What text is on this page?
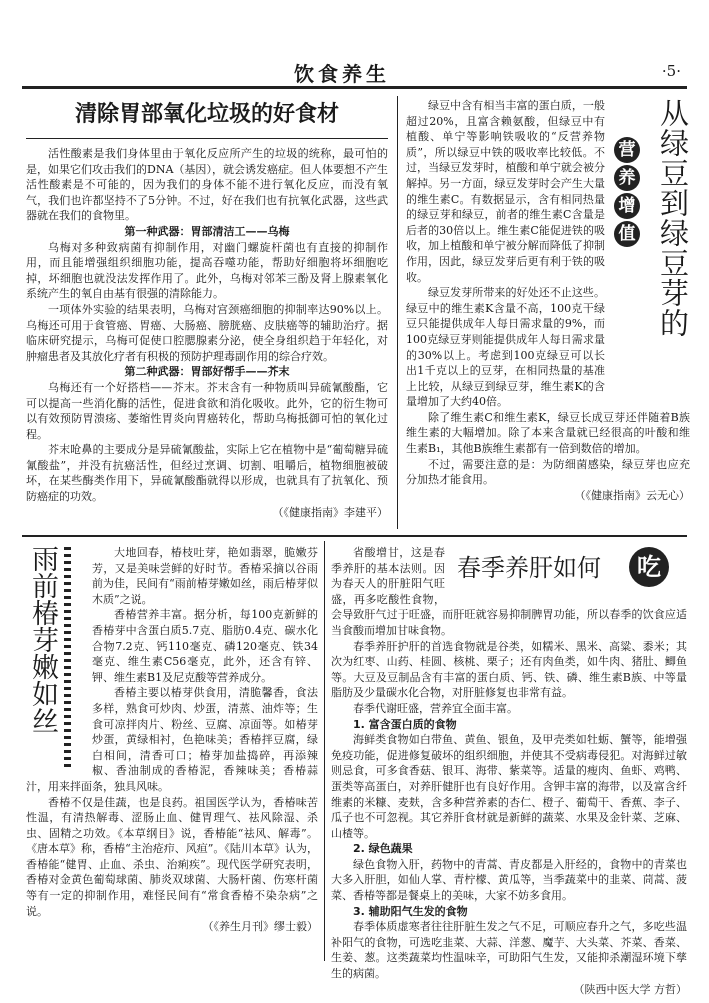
饮食养生	·5·
清除胃部氧化垃圾的好食材

活性酸素是我们身体里由于氧化反应所产生的垃圾的统称，最可怕的是，如果它们攻击我们的DNA（基因），就会诱发癌症。但人体要想不产生活性酸素是不可能的，因为我们的身体不能不进行氧化反应，而没有氧气，我们也许都坚持不了5分钟。不过，好在我们也有抗氧化武器，这些武器就在我们的食物里。

第一种武器：胃部清洁工——乌梅

乌梅对多种致病菌有抑制作用，对幽门螺旋杆菌也有直接的抑制作用，而且能增强组织细胞功能，提高吞噬功能，帮助好细胞将坏细胞吃掉，坏细胞也就没法发挥作用了。此外，乌梅对邻苯三酚及肾上腺素氧化系统产生的氧自由基有很强的清除能力。

一项体外实验的结果表明，乌梅对宫颈癌细胞的抑制率达90%以上。乌梅还可用于食管癌、胃癌、大肠癌、膀胱癌、皮肤癌等的辅助治疗。据临床研究提示，乌梅可促使口腔腮腺素分泌，使全身组织趋于年轻化，对肿瘤患者及其放化疗者有积极的预防护理毒副作用的综合疗效。

第二种武器：胃部好帮手——芥末

乌梅还有一个好搭档——芥末。芥末含有一种物质叫异硫氰酸酯，它可以提高一些消化酶的活性，促进食欲和消化吸收。此外，它的衍生物可以有效预防胃溃疡、萎缩性胃炎向胃癌转化，帮助乌梅抵御可怕的氧化过程。

芥末呛鼻的主要成分是异硫氰酸盐，实际上它在植物中是“葡萄糖异硫氰酸盐”，并没有抗癌活性，但经过烹调、切割、咀嚼后，植物细胞被破坏，在某些酶类作用下，异硫氰酸酯就得以形成，也就具有了抗氧化、预防癌症的功效。

（《健康指南》李建平）

从绿豆到绿豆芽的
营 养 增 值

绿豆中含有相当丰富的蛋白质，一般超过20%，且富含赖氨酸，但绿豆中有植酸、单宁等影响铁吸收的“反营养物质”，所以绿豆中铁的吸收率比较低。不过，当绿豆发芽时，植酸和单宁就会被分解掉。另一方面，绿豆发芽时会产生大量的维生素C。有数据显示，含有相同热量的绿豆芽和绿豆，前者的维生素C含量是后者的30倍以上。维生素C能促进铁的吸收，加上植酸和单宁被分解而降低了抑制作用，因此，绿豆发芽后更有利于铁的吸收。

绿豆发芽所带来的好处还不止这些。绿豆中的维生素K含量不高，100克干绿豆只能提供成年人每日需求量的9%，而100克绿豆芽则能提供成年人每日需求量的30%以上。考虑到100克绿豆可以长出1千克以上的豆芽，在相同热量的基准上比较，从绿豆到绿豆芽，维生素K的含量增加了大约40倍。

除了维生素C和维生素K，绿豆长成豆芽还伴随着B族维生素的大幅增加。除了本来含量就已经很高的叶酸和维生素B₁，其他B族维生素都有一倍到数倍的增加。

不过，需要注意的是：为防细菌感染，绿豆芽也应充分加热才能食用。

（《健康指南》云无心）

雨前椿芽嫩如丝	大地回春，椿枝吐芽，艳如翡翠，脆嫩芬芳，又是美味尝鲜的好时节。香椿采摘以谷雨前为佳，民间有“雨前椿芽嫩如丝，雨后椿芽似木质”之说。

香椿营养丰富。据分析，每100克新鲜的香椿芽中含蛋白质5.7克、脂肪0.4克、碳水化合物7.2克、钙110毫克、磷120毫克、铁34毫克、维生素C56毫克，此外，还含有锌、钾、维生素B1及尼克酸等营养成分。

香椿主要以椿芽供食用，清脆馨香，食法多样，熟食可炒肉、炒蛋，清蒸、油炸等；生食可凉拌肉片、粉丝、豆腐、凉面等。如椿芽炒蛋，黄绿相衬，色艳味美；香椿拌豆腐，绿白相间，清香可口；椿芽加盐捣碎，再添辣椒、香油制成的香椿泥，香辣味美；香椿蒜汁，用来拌面条，独具风味。

香椿不仅是佳蔬，也是良药。祖国医学认为，香椿味苦性温，有清热解毒、涩肠止血、健胃理气、祛风除湿、杀虫、固精之功效。《本草纲目》说，香椿能“祛风、解毒”。《唐本草》称，香椿“主治疮疖、风疸”。《陆川本草》认为，香椿能“健胃、止血、杀虫、治痢疾”。现代医学研究表明，香椿对金黄色葡萄球菌、肺炎双球菌、大肠杆菌、伤寒杆菌等有一定的抑制作用，难怪民间有“常食香椿不染杂病”之说。

（《养生月刊》缪士毅）

春季养肝如何	吃

省酸增甘，这是春季养肝的基本法则。因为春天人的肝脏阳气旺盛，再多吃酸性食物，会导致肝气过于旺盛，而肝旺就容易抑制脾胃功能，所以春季的饮食应适当食酸而增加甘味食物。

春季养肝护肝的首选食物就是谷类，如糯米、黑米、高粱、黍米；其次为红枣、山药、桂圆、核桃、栗子；还有肉鱼类，如牛肉、猪肚、鲫鱼等。大豆及豆制品含有丰富的蛋白质、钙、铁、磷、维生素B族、中等量脂肪及少量碳水化合物，对肝脏修复也非常有益。

春季代谢旺盛，营养宜全面丰富。

1. 富含蛋白质的食物

海鲜类食物如白带鱼、黄鱼、银鱼，及甲壳类如牡蛎、蟹等，能增强免疫功能，促进修复破坏的组织细胞，并使其不受病毒侵犯。对海鲜过敏则忌食，可多食香菇、银耳、海带、紫菜等。适量的瘦肉、鱼虾、鸡鸭、蛋类等高蛋白，对养肝健肝也有良好作用。含钾丰富的海带，以及富含纤维素的米糠、麦麸，含多种营养素的杏仁、橙子、葡萄干、香蕉、李子、瓜子也不可忽视。其它养肝食材就是新鲜的蔬菜、水果及金针菜、芝麻、山楂等。

2. 绿色蔬果

绿色食物入肝，药物中的青蒿、青皮都是入肝经的，食物中的青菜也大多入肝胆，如仙人掌、青柠檬、黄瓜等，当季蔬菜中的韭菜、茼蒿、菠菜、香椿等都是餐桌上的美味，大家不妨多食用。

3. 辅助阳气生发的食物

春季体质虚寒者往往肝脏生发之气不足，可顺应春升之气，多吃些温补阳气的食物，可选吃韭菜、大蒜、洋葱、魔芋、大头菜、芥菜、香菜、生姜、葱。这类蔬菜均性温味辛，可助阳气生发，又能抑杀潮湿环境下孳生的病菌。

（陕西中医大学 方哲）
